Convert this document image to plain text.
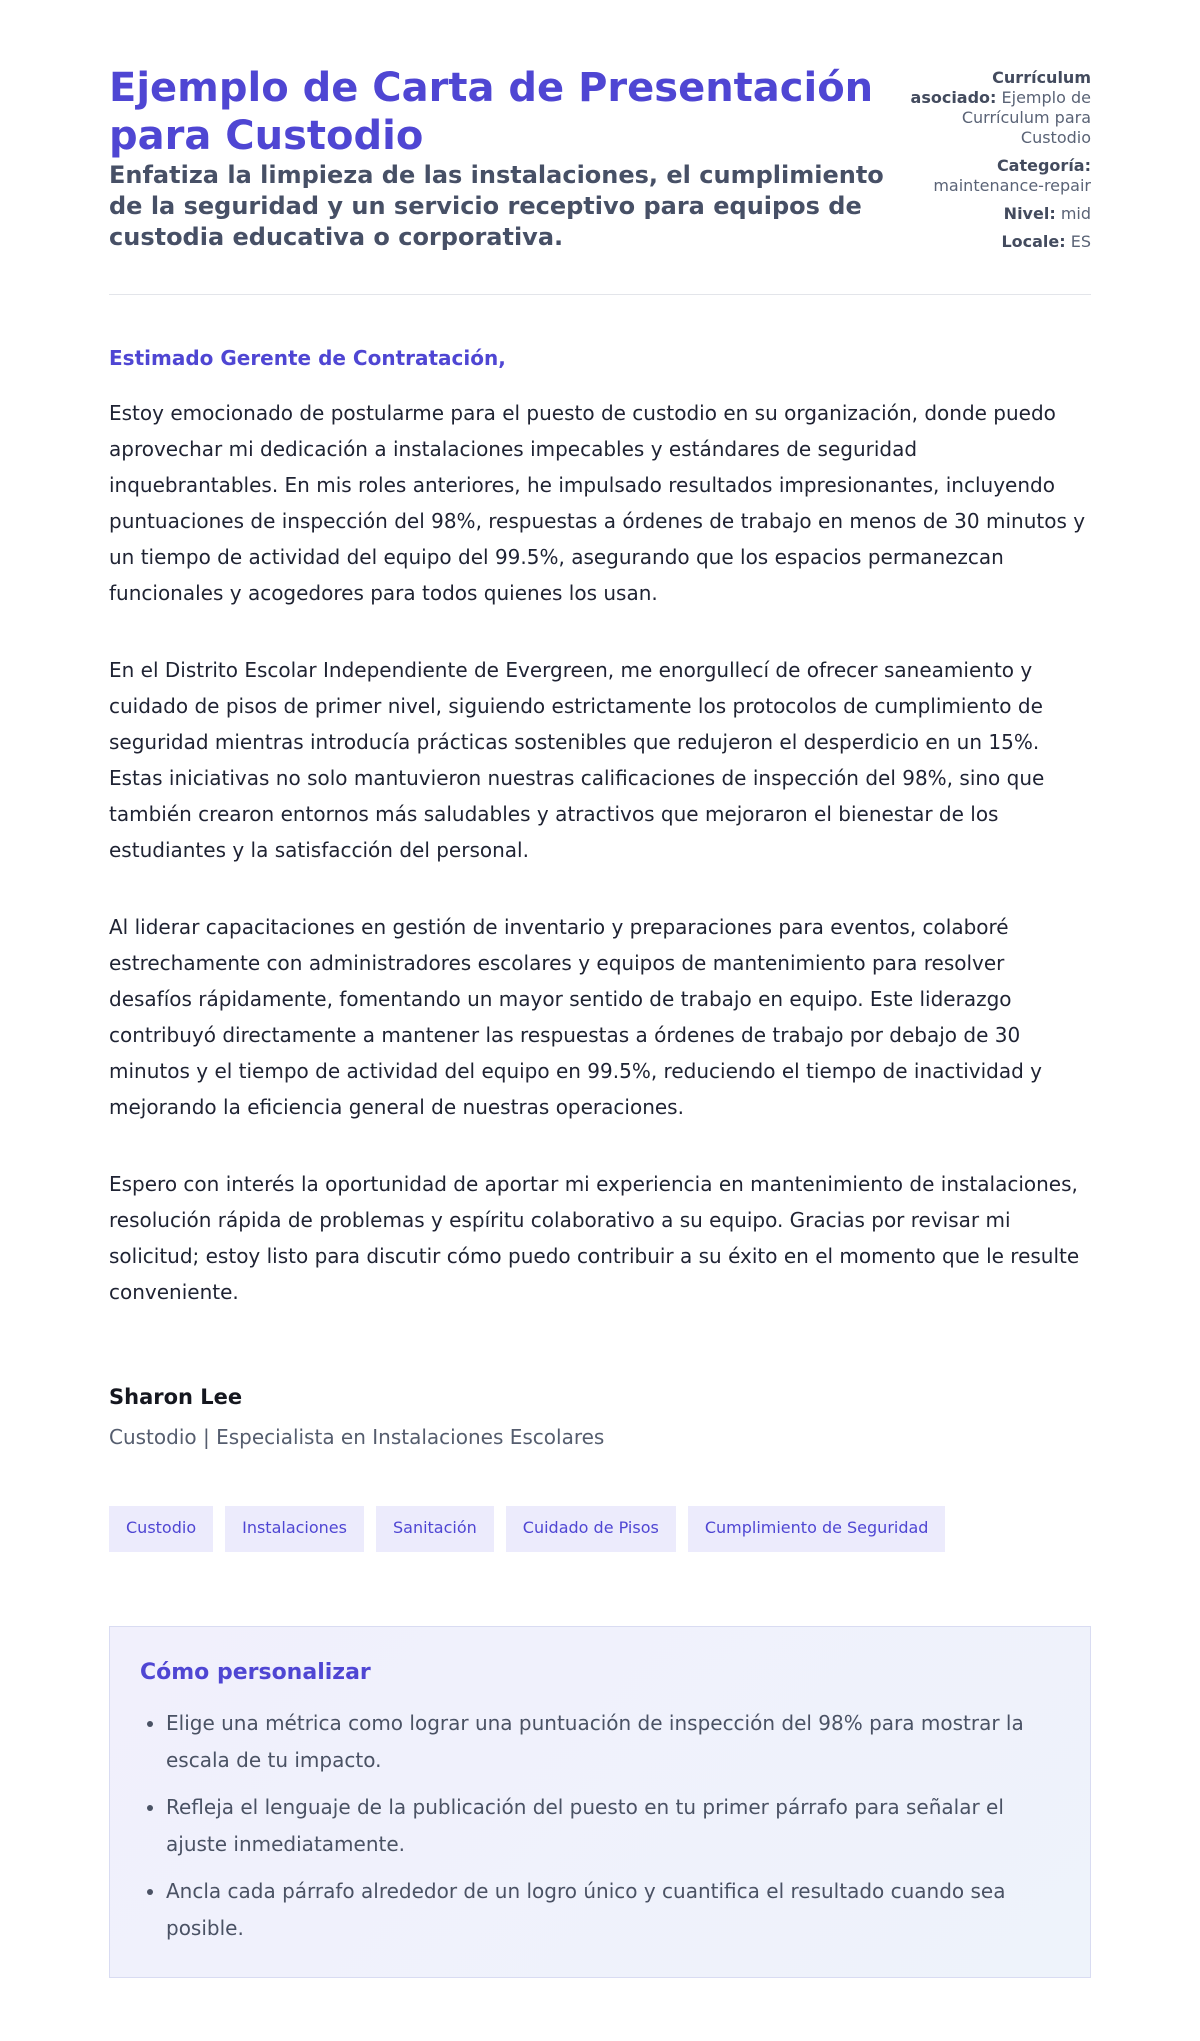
Ejemplo de Carta de Presentación para Custodio
Enfatiza la limpieza de las instalaciones, el cumplimiento de la seguridad y un servicio receptivo para equipos de custodia educativa o corporativa.
Currículum asociado: Ejemplo de Currículum para Custodio
Categoría: maintenance-repair
Nivel: mid
Locale: ES

Estimado Gerente de Contratación,

Estoy emocionado de postularme para el puesto de custodio en su organización, donde puedo aprovechar mi dedicación a instalaciones impecables y estándares de seguridad inquebrantables. En mis roles anteriores, he impulsado resultados impresionantes, incluyendo puntuaciones de inspección del 98%, respuestas a órdenes de trabajo en menos de 30 minutos y un tiempo de actividad del equipo del 99.5%, asegurando que los espacios permanezcan funcionales y acogedores para todos quienes los usan.

En el Distrito Escolar Independiente de Evergreen, me enorgullecí de ofrecer saneamiento y cuidado de pisos de primer nivel, siguiendo estrictamente los protocolos de cumplimiento de seguridad mientras introducía prácticas sostenibles que redujeron el desperdicio en un 15%. Estas iniciativas no solo mantuvieron nuestras calificaciones de inspección del 98%, sino que también crearon entornos más saludables y atractivos que mejoraron el bienestar de los estudiantes y la satisfacción del personal.

Al liderar capacitaciones en gestión de inventario y preparaciones para eventos, colaboré estrechamente con administradores escolares y equipos de mantenimiento para resolver desafíos rápidamente, fomentando un mayor sentido de trabajo en equipo. Este liderazgo contribuyó directamente a mantener las respuestas a órdenes de trabajo por debajo de 30 minutos y el tiempo de actividad del equipo en 99.5%, reduciendo el tiempo de inactividad y mejorando la eficiencia general de nuestras operaciones.

Espero con interés la oportunidad de aportar mi experiencia en mantenimiento de instalaciones, resolución rápida de problemas y espíritu colaborativo a su equipo. Gracias por revisar mi solicitud; estoy listo para discutir cómo puedo contribuir a su éxito en el momento que le resulte conveniente.

Sharon Lee

Custodio | Especialista en Instalaciones Escolares

Custodio	Instalaciones	Sanitación	Cuidado de Pisos	Cumplimiento de Seguridad
Cómo personalizar
• Elige una métrica como lograr una puntuación de inspección del 98% para mostrar la escala de tu impacto.
• Refleja el lenguaje de la publicación del puesto en tu primer párrafo para señalar el ajuste inmediatamente.
• Ancla cada párrafo alrededor de un logro único y cuantifica el resultado cuando sea posible.
